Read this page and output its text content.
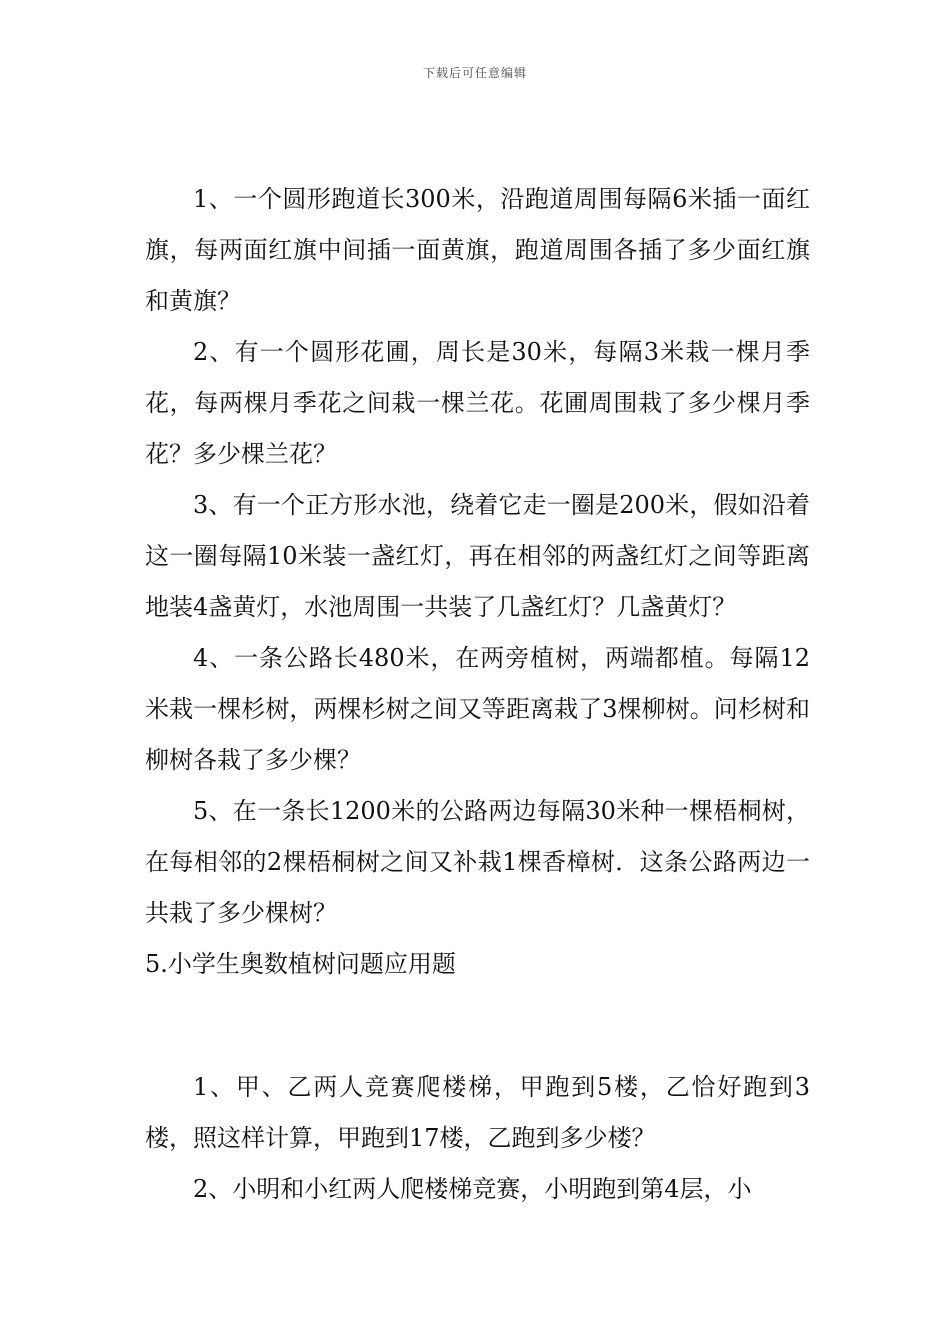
下载后可任意编辑

1、一个圆形跑道长300米，沿跑道周围每隔6米插一面红旗，每两面红旗中间插一面黄旗，跑道周围各插了多少面红旗和黄旗？

2、有一个圆形花圃，周长是30米，每隔3米栽一棵月季花，每两棵月季花之间栽一棵兰花。花圃周围栽了多少棵月季花？多少棵兰花？

3、有一个正方形水池，绕着它走一圈是200米，假如沿着这一圈每隔10米装一盏红灯，再在相邻的两盏红灯之间等距离地装4盏黄灯，水池周围一共装了几盏红灯？几盏黄灯？

4、一条公路长480米，在两旁植树，两端都植。每隔12米栽一棵杉树，两棵杉树之间又等距离栽了3棵柳树。问杉树和柳树各栽了多少棵？

5、在一条长1200米的公路两边每隔30米种一棵梧桐树，在每相邻的2棵梧桐树之间又补栽1棵香樟树．这条公路两边一共栽了多少棵树？

5.小学生奥数植树问题应用题

1、甲、乙两人竞赛爬楼梯，甲跑到5楼，乙恰好跑到3楼，照这样计算，甲跑到17楼，乙跑到多少楼？

2、小明和小红两人爬楼梯竞赛，小明跑到第4层，小
